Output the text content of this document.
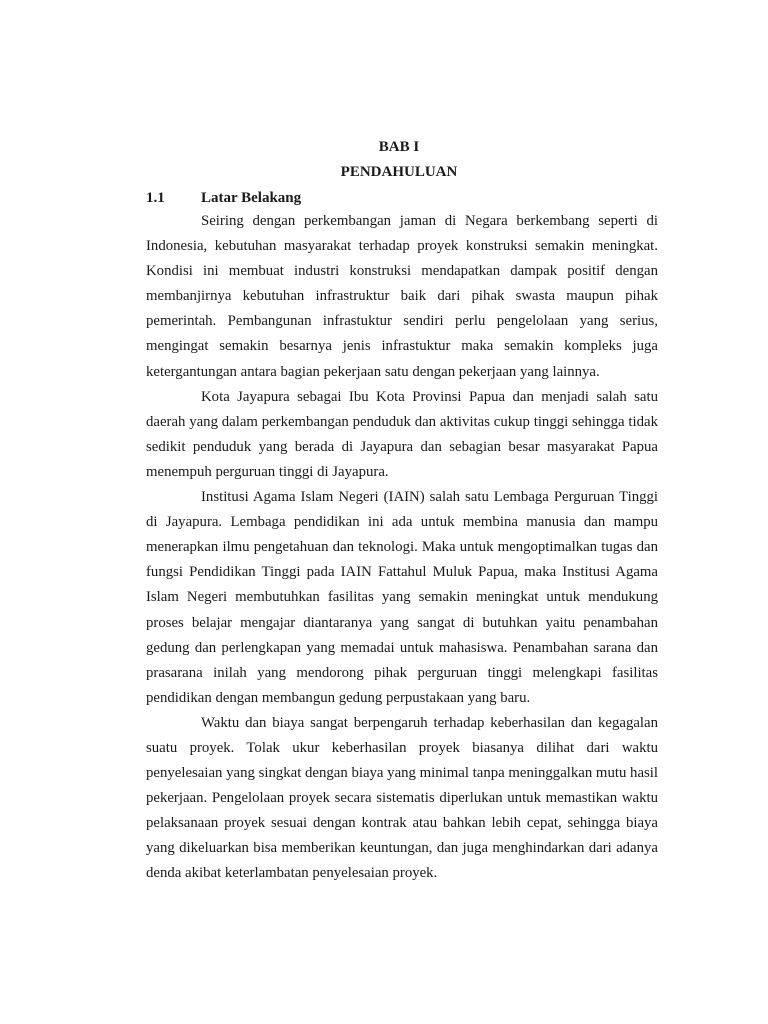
BAB I
PENDAHULUAN
1.1 Latar Belakang

Seiring dengan perkembangan jaman di Negara berkembang seperti di Indonesia, kebutuhan masyarakat terhadap proyek konstruksi semakin meningkat. Kondisi ini membuat industri konstruksi mendapatkan dampak positif dengan membanjirnya kebutuhan infrastruktur baik dari pihak swasta maupun pihak pemerintah. Pembangunan infrastuktur sendiri perlu pengelolaan yang serius, mengingat semakin besarnya jenis infrastuktur maka semakin kompleks juga ketergantungan antara bagian pekerjaan satu dengan pekerjaan yang lainnya.

Kota Jayapura sebagai Ibu Kota Provinsi Papua dan menjadi salah satu daerah yang dalam perkembangan penduduk dan aktivitas cukup tinggi sehingga tidak sedikit penduduk yang berada di Jayapura dan sebagian besar masyarakat Papua menempuh perguruan tinggi di Jayapura.

Institusi Agama Islam Negeri (IAIN) salah satu Lembaga Perguruan Tinggi di Jayapura. Lembaga pendidikan ini ada untuk membina manusia dan mampu menerapkan ilmu pengetahuan dan teknologi. Maka untuk mengoptimalkan tugas dan fungsi Pendidikan Tinggi pada IAIN Fattahul Muluk Papua, maka Institusi Agama Islam Negeri membutuhkan fasilitas yang semakin meningkat untuk mendukung proses belajar mengajar diantaranya yang sangat di butuhkan yaitu penambahan gedung dan perlengkapan yang memadai untuk mahasiswa. Penambahan sarana dan prasarana inilah yang mendorong pihak perguruan tinggi melengkapi fasilitas pendidikan dengan membangun gedung perpustakaan yang baru.

Waktu dan biaya sangat berpengaruh terhadap keberhasilan dan kegagalan suatu proyek. Tolak ukur keberhasilan proyek biasanya dilihat dari waktu penyelesaian yang singkat dengan biaya yang minimal tanpa meninggalkan mutu hasil pekerjaan. Pengelolaan proyek secara sistematis diperlukan untuk memastikan waktu pelaksanaan proyek sesuai dengan kontrak atau bahkan lebih cepat, sehingga biaya yang dikeluarkan bisa memberikan keuntungan, dan juga menghindarkan dari adanya denda akibat keterlambatan penyelesaian proyek.
